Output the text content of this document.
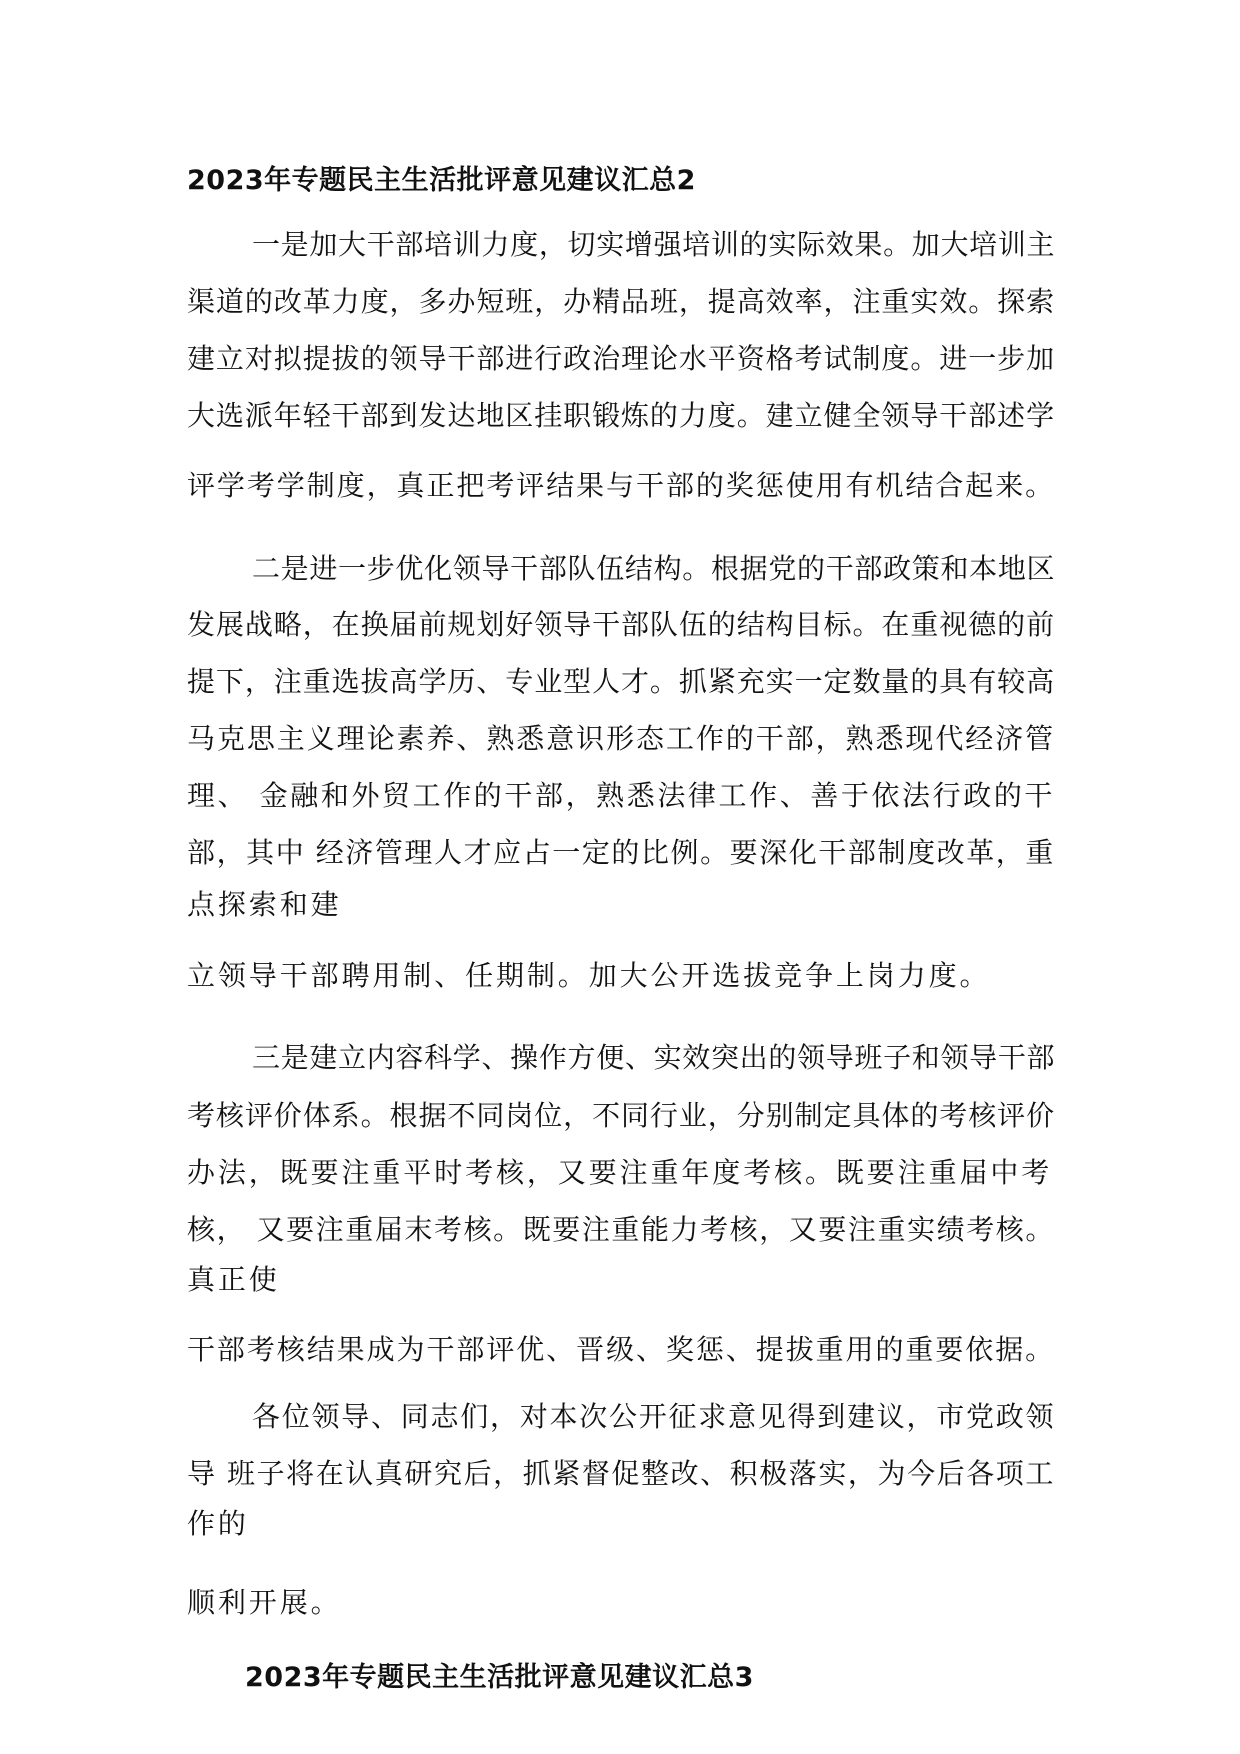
2023年专题民主生活批评意见建议汇总2

一是加大干部培训力度，切实增强培训的实际效果。加大培训主

渠道的改革力度，多办短班，办精品班，提高效率，注重实效。探索

建立对拟提拔的领导干部进行政治理论水平资格考试制度。进一步加

大选派年轻干部到发达地区挂职锻炼的力度。建立健全领导干部述学

评学考学制度，真正把考评结果与干部的奖惩使用有机结合起来。

二是进一步优化领导干部队伍结构。根据党的干部政策和本地区

发展战略，在换届前规划好领导干部队伍的结构目标。在重视德的前

提下，注重选拔高学历、专业型人才。抓紧充实一定数量的具有较高

马克思主义理论素养、熟悉意识形态工作的干部，熟悉现代经济管

理、 金融和外贸工作的干部，熟悉法律工作、善于依法行政的干

部，其中 经济管理人才应占一定的比例。要深化干部制度改革，重

点探索和建

立领导干部聘用制、任期制。加大公开选拔竞争上岗力度。

三是建立内容科学、操作方便、实效突出的领导班子和领导干部

考核评价体系。根据不同岗位，不同行业，分别制定具体的考核评价

办法，既要注重平时考核，又要注重年度考核。既要注重届中考

核， 又要注重届末考核。既要注重能力考核，又要注重实绩考核。

真正使

干部考核结果成为干部评优、晋级、奖惩、提拔重用的重要依据。

各位领导、同志们，对本次公开征求意见得到建议，市党政领

导 班子将在认真研究后，抓紧督促整改、积极落实，为今后各项工

作的

顺利开展。

2023年专题民主生活批评意见建议汇总3
